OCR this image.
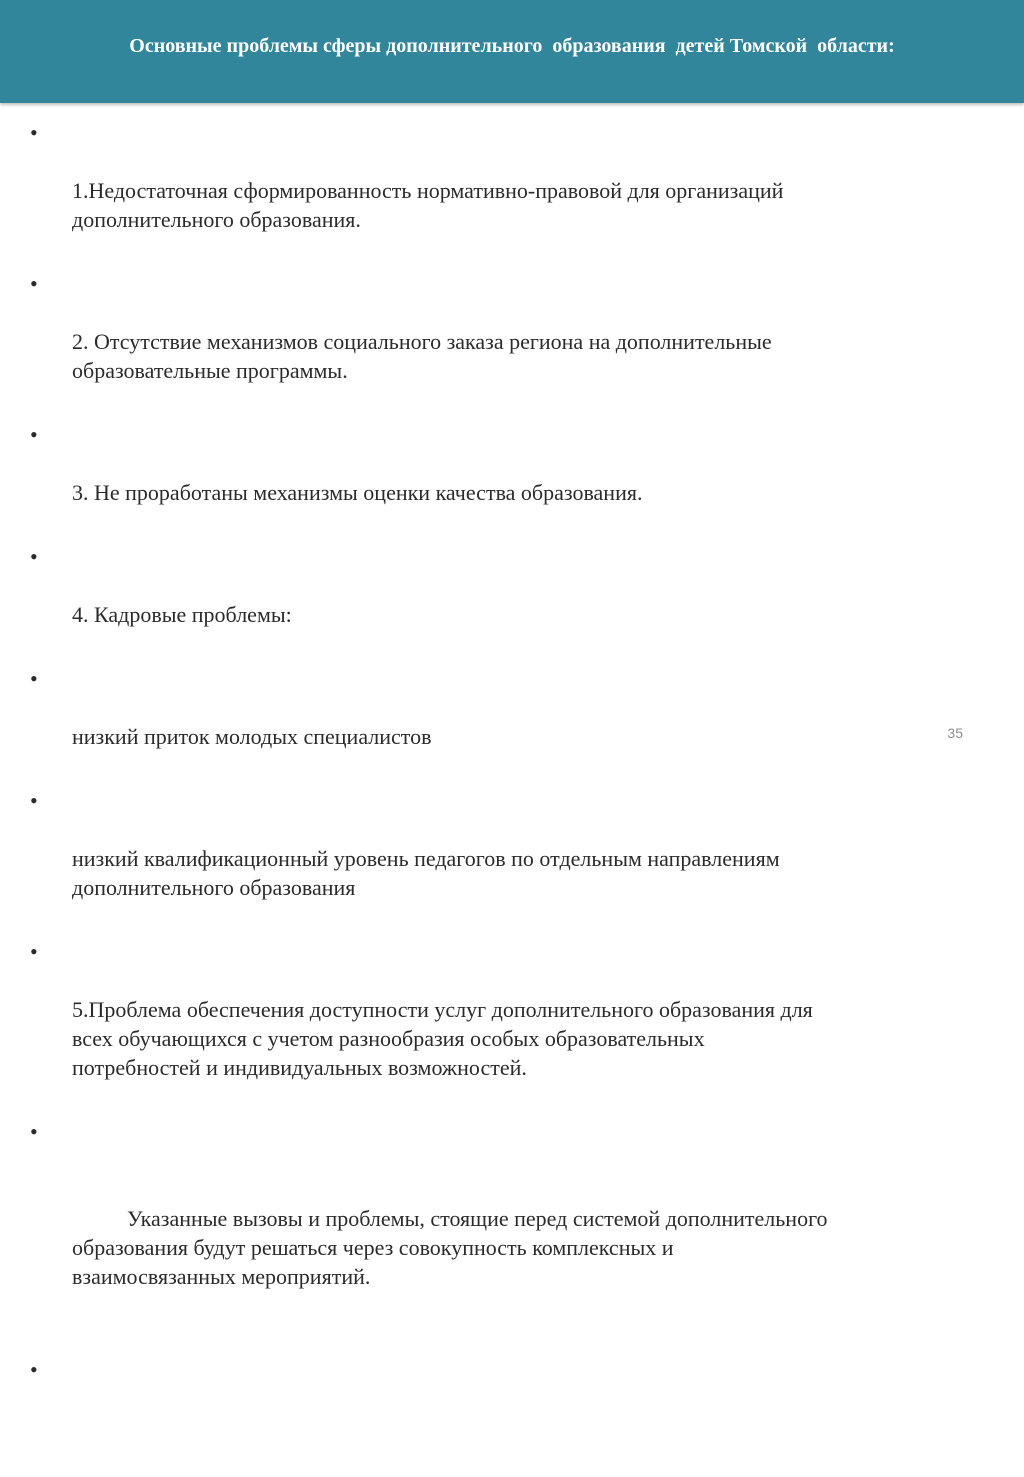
Основные проблемы сферы дополнительного  образования  детей Томской  области:

•

1.Недостаточная сформированность нормативно-правовой для организаций
дополнительного образования.

•

2. Отсутствие механизмов социального заказа региона на дополнительные
образовательные программы.

•

3. Не проработаны механизмы оценки качества образования.

•

4. Кадровые проблемы:

•

низкий приток молодых специалистов

•

низкий квалификационный уровень педагогов по отдельным направлениям
дополнительного образования

•

5.Проблема обеспечения доступности услуг дополнительного образования для
всех обучающихся с учетом разнообразия особых образовательных
потребностей и индивидуальных возможностей.

•

Указанные вызовы и проблемы, стоящие перед системой дополнительного
образования будут решаться через совокупность комплексных и
взаимосвязанных мероприятий.

•

35
